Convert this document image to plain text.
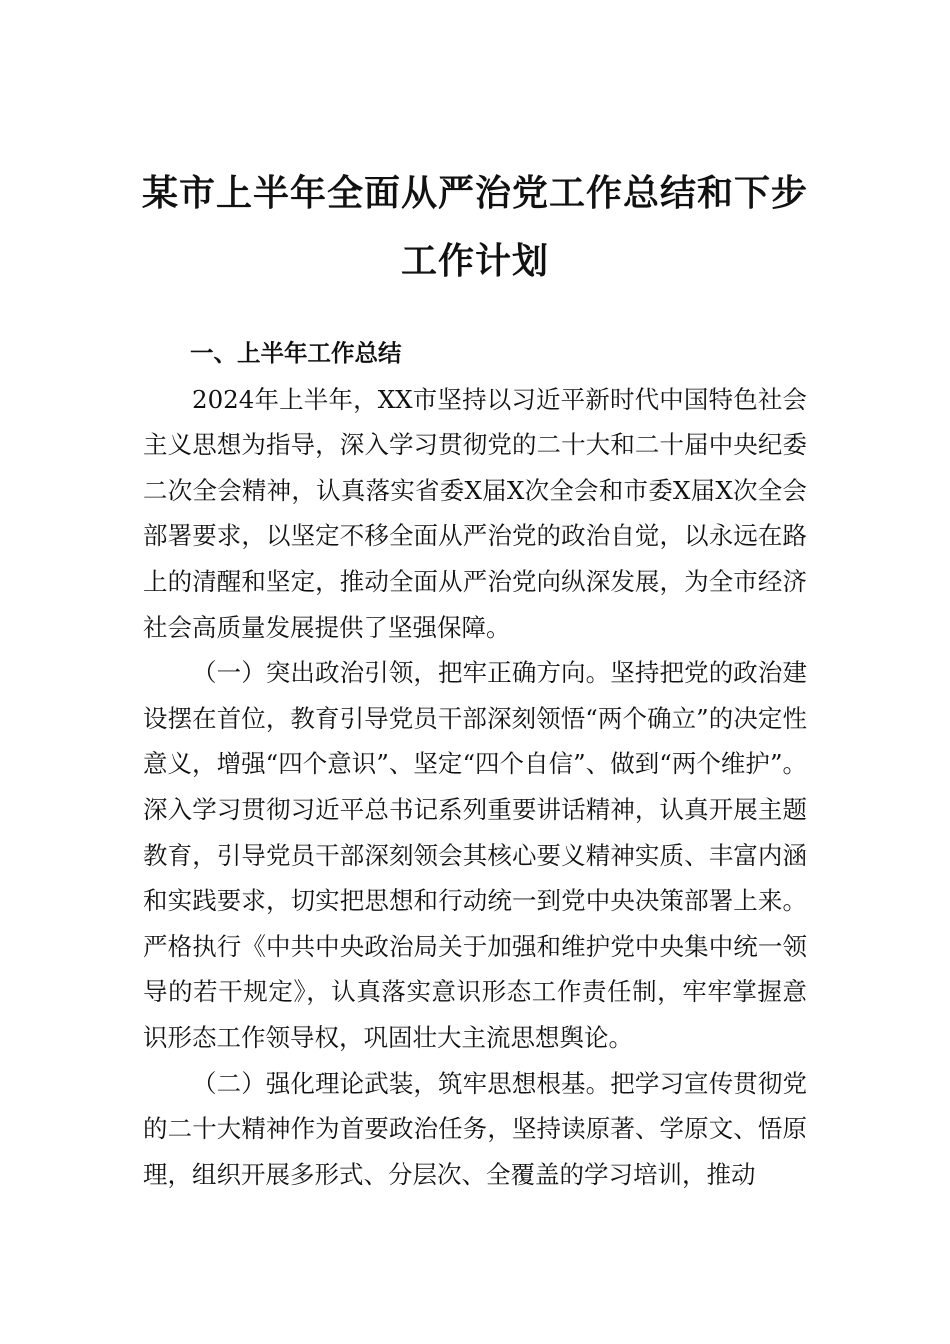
某市上半年全面从严治党工作总结和下步
工作计划

一、上半年工作总结

2024年上半年，XX市坚持以习近平新时代中国特色社会主义思想为指导，深入学习贯彻党的二十大和二十届中央纪委二次全会精神，认真落实省委X届X次全会和市委X届X次全会部署要求，以坚定不移全面从严治党的政治自觉，以永远在路上的清醒和坚定，推动全面从严治党向纵深发展，为全市经济社会高质量发展提供了坚强保障。

（一）突出政治引领，把牢正确方向。坚持把党的政治建设摆在首位，教育引导党员干部深刻领悟“两个确立”的决定性意义，增强“四个意识”、坚定“四个自信”、做到“两个维护”。深入学习贯彻习近平总书记系列重要讲话精神，认真开展主题教育，引导党员干部深刻领会其核心要义精神实质、丰富内涵和实践要求，切实把思想和行动统一到党中央决策部署上来。严格执行《中共中央政治局关于加强和维护党中央集中统一领导的若干规定》，认真落实意识形态工作责任制，牢牢掌握意识形态工作领导权，巩固壮大主流思想舆论。

（二）强化理论武装，筑牢思想根基。把学习宣传贯彻党的二十大精神作为首要政治任务，坚持读原著、学原文、悟原理，组织开展多形式、分层次、全覆盖的学习培训，推动
